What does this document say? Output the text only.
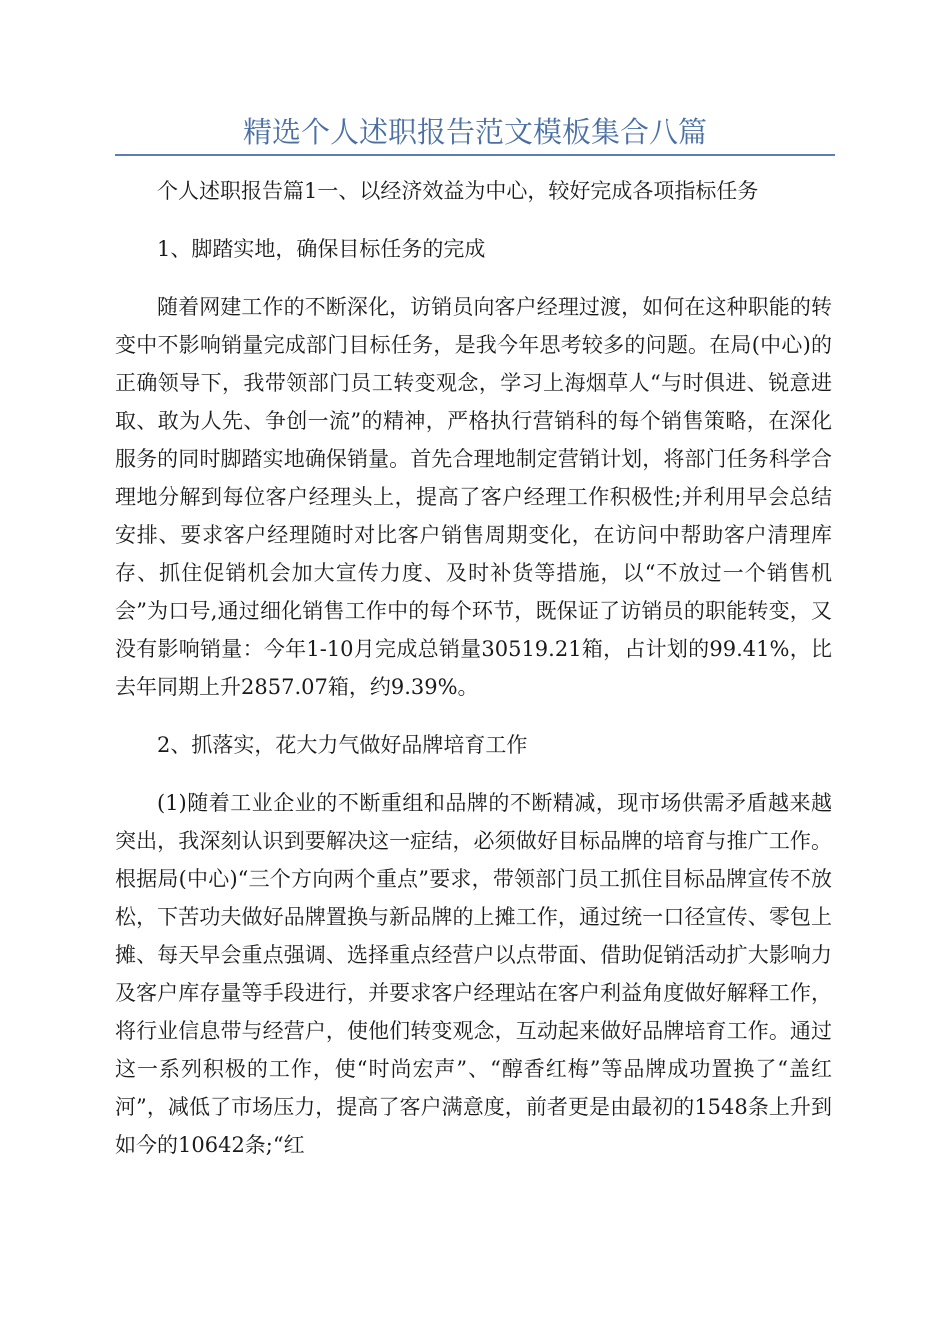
精选个人述职报告范文模板集合八篇

个人述职报告篇1一、以经济效益为中心，较好完成各项指标任务

1、脚踏实地，确保目标任务的完成

随着网建工作的不断深化，访销员向客户经理过渡，如何在这种职能的转变中不影响销量完成部门目标任务，是我今年思考较多的问题。在局(中心)的正确领导下，我带领部门员工转变观念，学习上海烟草人“与时俱进、锐意进取、敢为人先、争创一流”的精神，严格执行营销科的每个销售策略，在深化服务的同时脚踏实地确保销量。首先合理地制定营销计划，将部门任务科学合理地分解到每位客户经理头上，提高了客户经理工作积极性;并利用早会总结安排、要求客户经理随时对比客户销售周期变化，在访问中帮助客户清理库存、抓住促销机会加大宣传力度、及时补货等措施，以“不放过一个销售机会”为口号,通过细化销售工作中的每个环节，既保证了访销员的职能转变，又没有影响销量：今年1-10月完成总销量30519.21箱，占计划的99.41%，比去年同期上升2857.07箱，约9.39%。

2、抓落实，花大力气做好品牌培育工作

(1)随着工业企业的不断重组和品牌的不断精减，现市场供需矛盾越来越突出，我深刻认识到要解决这一症结，必须做好目标品牌的培育与推广工作。根据局(中心)“三个方向两个重点”要求，带领部门员工抓住目标品牌宣传不放松，下苦功夫做好品牌置换与新品牌的上摊工作，通过统一口径宣传、零包上摊、每天早会重点强调、选择重点经营户以点带面、借助促销活动扩大影响力及客户库存量等手段进行，并要求客户经理站在客户利益角度做好解释工作，将行业信息带与经营户，使他们转变观念，互动起来做好品牌培育工作。通过这一系列积极的工作，使“时尚宏声”、“醇香红梅”等品牌成功置换了“盖红河”，减低了市场压力，提高了客户满意度，前者更是由最初的1548条上升到如今的10642条;“红
